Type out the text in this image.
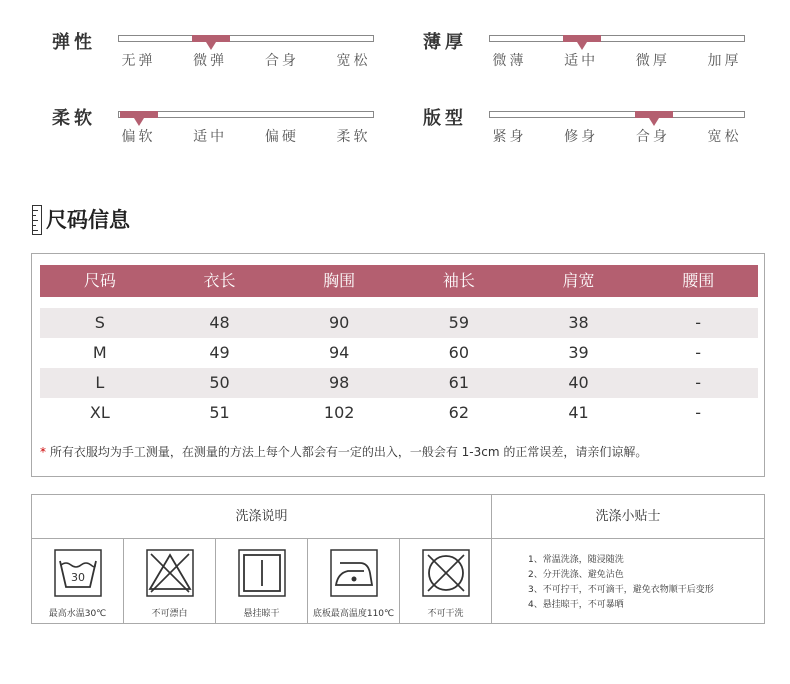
弹性
无弹	微弹	合身	宽松
薄厚
微薄	适中	微厚	加厚
柔软
偏软	适中	偏硬	柔软
版型
紧身	修身	合身	宽松
尺码信息
尺码	衣长	胸围	袖长	肩宽	腰围
S	48	90	59	38	-
M	49	94	60	39	-
L	50	98	61	40	-
XL	51	102	62	41	-
* 所有衣服均为手工测量，在测量的方法上每个人都会有一定的出入，一般会有 1-3cm 的正常误差，请亲们谅解。
洗涤说明	洗涤小贴士
30
最高水温30℃	不可漂白	悬挂晾干	底板最高温度110℃	不可干洗
1、常温洗涤，随浸随洗
2、分开洗涤、避免沾色
3、不可拧干，不可滴干，避免衣物顺干后变形
4、悬挂晾干，不可暴晒
